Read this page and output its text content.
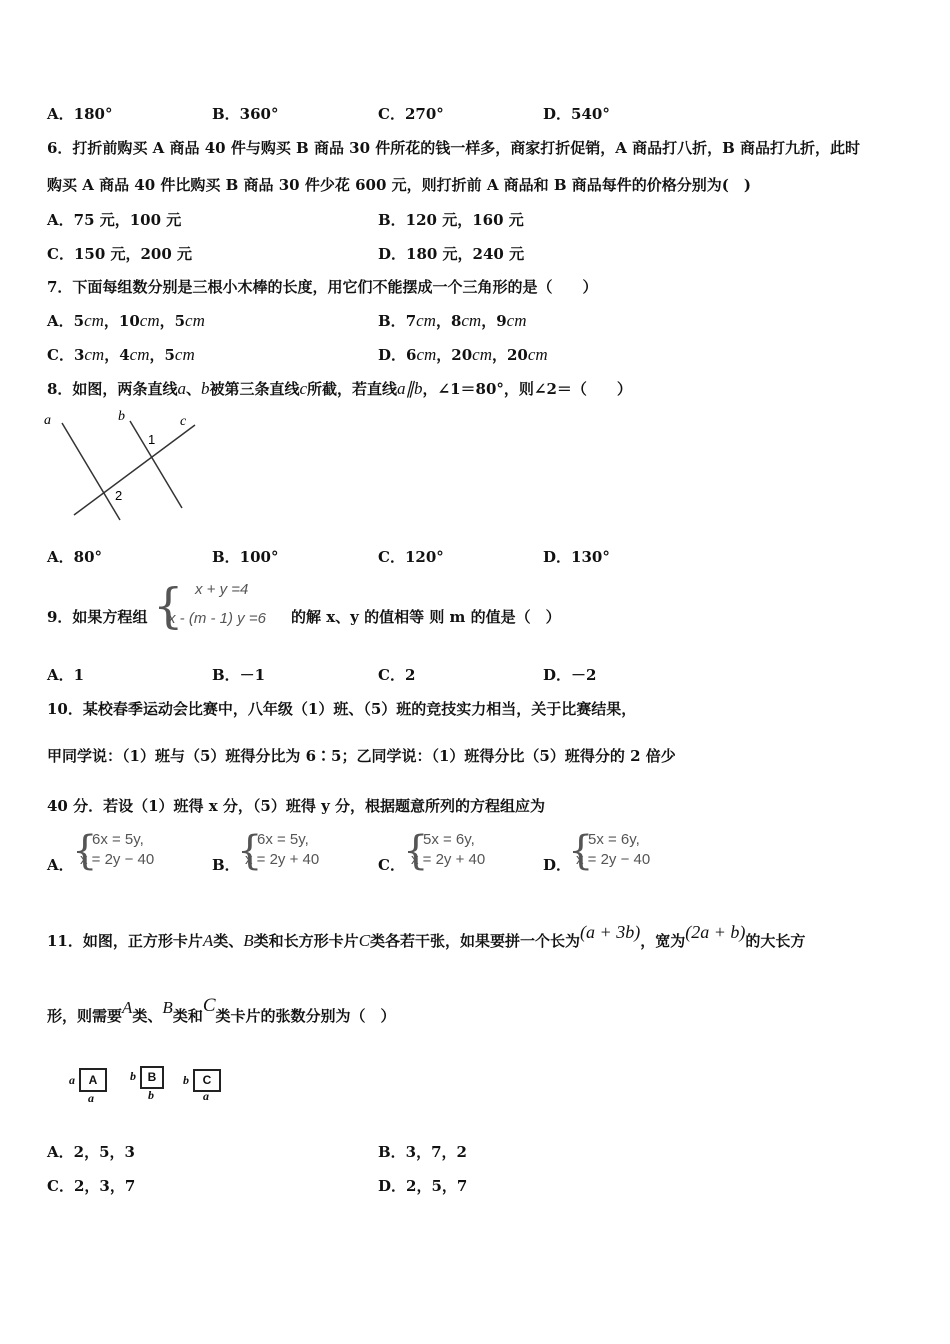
A．180°	B．360°	C．270°	D．540°
6．打折前购买 A 商品 40 件与购买 B 商品 30 件所花的钱一样多，商家打折促销，A 商品打八折，B 商品打九折，此时
购买 A 商品 40 件比购买 B 商品 30 件少花 600 元，则打折前 A 商品和 B 商品每件的价格分别为(　)
A．75 元，100 元	B．120 元，160 元
C．150 元，200 元	D．180 元，240 元
7．下面每组数分别是三根小木棒的长度，用它们不能摆成一个三角形的是（　　）
A．5cm，10cm，5cm	B．7cm，8cm，9cm
C．3cm，4cm，5cm	D．6cm，20cm，20cm
8．如图，两条直线a、b被第三条直线c所截，若直线a∥b，∠1＝80°，则∠2＝（　　）
a	b	c
1
2
A．80°	B．100°	C．120°	D．130°
9．如果方程组 { x + y =4
x - (m - 1) y =6 的解 x、y 的值相等 则 m 的值是（　）
A．1	B．－1	C．2	D．－2
10．某校春季运动会比赛中，八年级（1）班、（5）班的竞技实力相当，关于比赛结果，
甲同学说：（1）班与（5）班得分比为 6∶5；乙同学说：（1）班得分比（5）班得分的 2 倍少
40 分．若设（1）班得 x 分，（5）班得 y 分，根据题意所列的方程组应为
A．
{
6x = 5y,
x = 2y − 40	B．
{
6x = 5y,
x = 2y + 40	C．
{
5x = 6y,
x = 2y + 40	D．
{
5x = 6y,
x = 2y − 40
11．如图，正方形卡片A类、B类和长方形卡片C类各若干张，如果要拼一个长为(a + 3b)，宽为(2a + b)的大长方
形，则需要A类、B类和C类卡片的张数分别为（　）
a	A
a
b B
b
b	C
a
A．2，5，3	B．3，7，2
C．2，3，7	D．2，5，7
